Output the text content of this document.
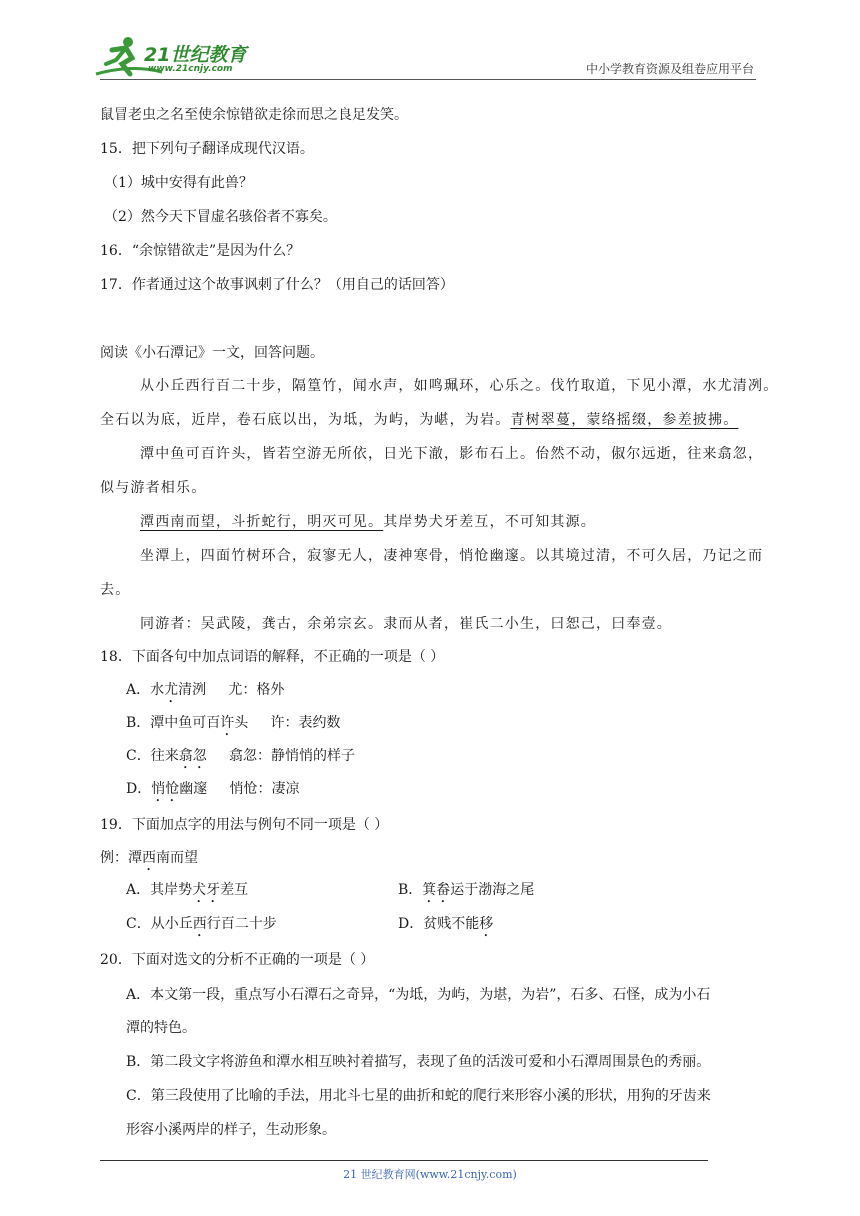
21世纪教育
www.21cnjy.com	中小学教育资源及组卷应用平台
鼠冒老虫之名至使余惊错欲走徐而思之良足发笑。
15．把下列句子翻译成现代汉语。
（1）城中安得有此兽？
（2）然今天下冒虚名骇俗者不寡矣。
16．“余惊错欲走”是因为什么？
17．作者通过这个故事讽刺了什么？（用自己的话回答）
阅读《小石潭记》一文，回答问题。
从小丘西行百二十步，隔篁竹，闻水声，如鸣珮环，心乐之。伐竹取道，下见小潭，水尤清冽。
全石以为底，近岸，卷石底以出，为坻，为屿，为嵁，为岩。青树翠蔓，蒙络摇缀，参差披拂。
潭中鱼可百许头，皆若空游无所依，日光下澈，影布石上。佁然不动，俶尔远逝，往来翕忽，
似与游者相乐。
潭西南而望，斗折蛇行，明灭可见。其岸势犬牙差互，不可知其源。
坐潭上，四面竹树环合，寂寥无人，凄神寒骨，悄怆幽邃。以其境过清，不可久居，乃记之而
去。
同游者：吴武陵，龚古，余弟宗玄。隶而从者，崔氏二小生，曰恕己，曰奉壹。
18．下面各句中加点词语的解释，不正确的一项是（ ）
A．水尤清洌     尤：格外
B．潭中鱼可百许头     许：表约数
C．往来翕忽     翕忽：静悄悄的样子
D．悄怆幽邃     悄怆：凄凉
19．下面加点字的用法与例句不同一项是（ ）
例：潭西南而望
A．其岸势犬牙差互	B．箕畚运于渤海之尾
C．从小丘西行百二十步	D．贫贱不能移
20．下面对选文的分析不正确的一项是（ ）
A．本文第一段，重点写小石潭石之奇异，“为坻，为屿，为堪，为岩”，石多、石怪，成为小石
潭的特色。
B．第二段文字将游鱼和潭水相互映衬着描写，表现了鱼的活泼可爱和小石潭周围景色的秀丽。
C．第三段使用了比喻的手法，用北斗七星的曲折和蛇的爬行来形容小溪的形状，用狗的牙齿来
形容小溪两岸的样子，生动形象。
21 世纪教育网(www.21cnjy.com)
